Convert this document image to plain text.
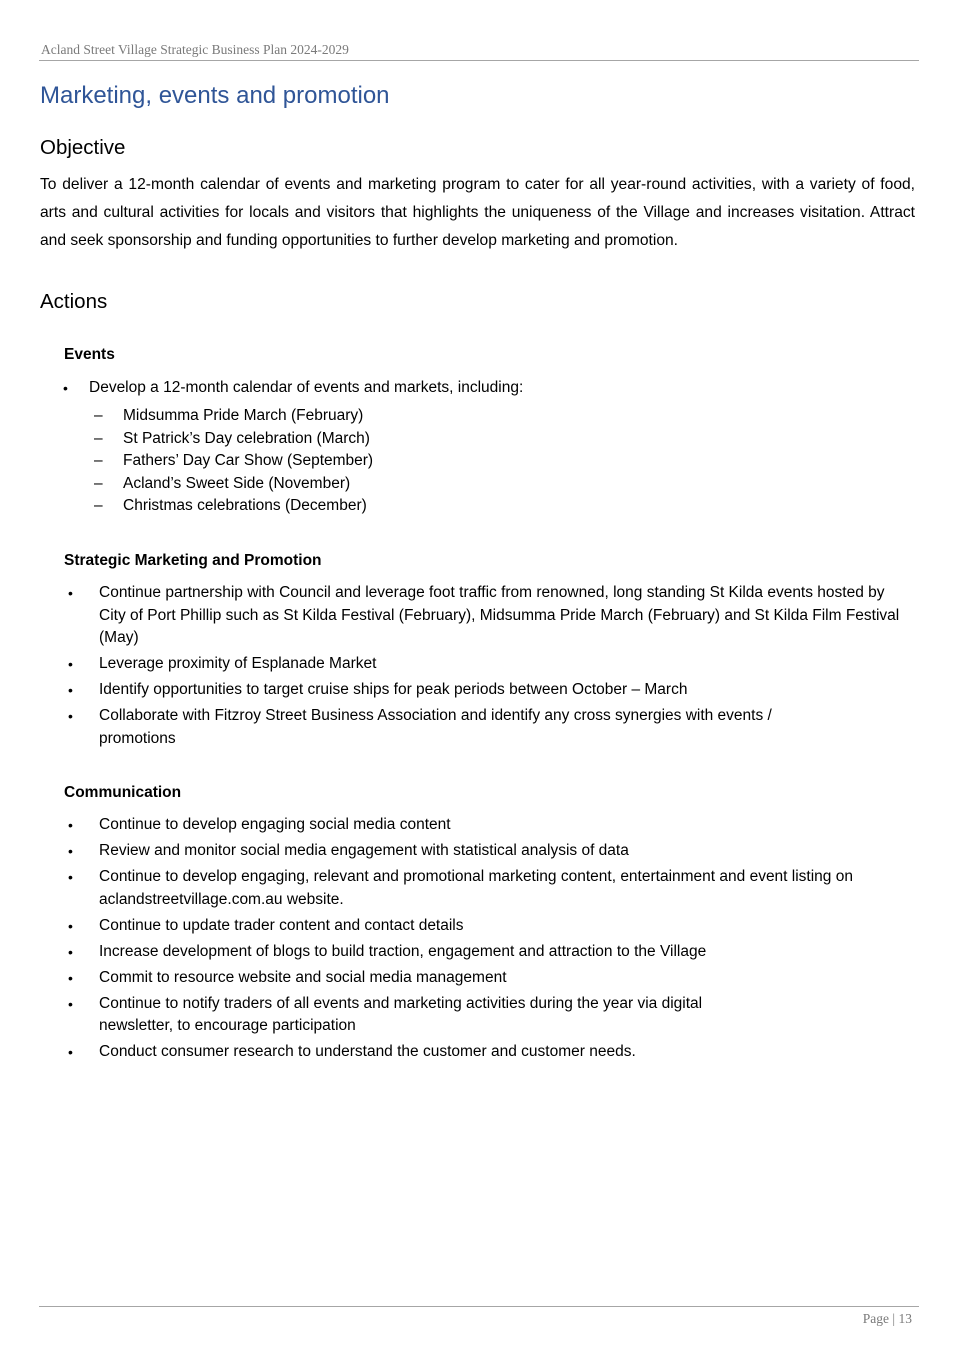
Acland Street Village Strategic Business Plan 2024-2029
Marketing, events and promotion
Objective

To deliver a 12-month calendar of events and marketing program to cater for all year-round activities, with a variety of food, arts and cultural activities for locals and visitors that highlights the uniqueness of the Village and increases visitation. Attract and seek sponsorship and funding opportunities to further develop marketing and promotion.

Actions
Events
• Develop a 12-month calendar of events and markets, including:
– Midsumma Pride March (February)
– St Patrick’s Day celebration (March)
– Fathers’ Day Car Show (September)
– Acland’s Sweet Side (November)
– Christmas celebrations (December)
Strategic Marketing and Promotion
• Continue partnership with Council and leverage foot traffic from renowned, long standing St Kilda events hosted by City of Port Phillip such as St Kilda Festival (February), Midsumma Pride March (February) and St Kilda Film Festival (May)
• Leverage proximity of Esplanade Market
• Identify opportunities to target cruise ships for peak periods between October – March
• Collaborate with Fitzroy Street Business Association and identify any cross synergies with events / promotions
Communication
• Continue to develop engaging social media content
• Review and monitor social media engagement with statistical analysis of data
• Continue to develop engaging, relevant and promotional marketing content, entertainment and event listing on aclandstreetvillage.com.au website.
• Continue to update trader content and contact details
• Increase development of blogs to build traction, engagement and attraction to the Village
• Commit to resource website and social media management
• Continue to notify traders of all events and marketing activities during the year via digital newsletter, to encourage participation
• Conduct consumer research to understand the customer and customer needs.
Page | 13
